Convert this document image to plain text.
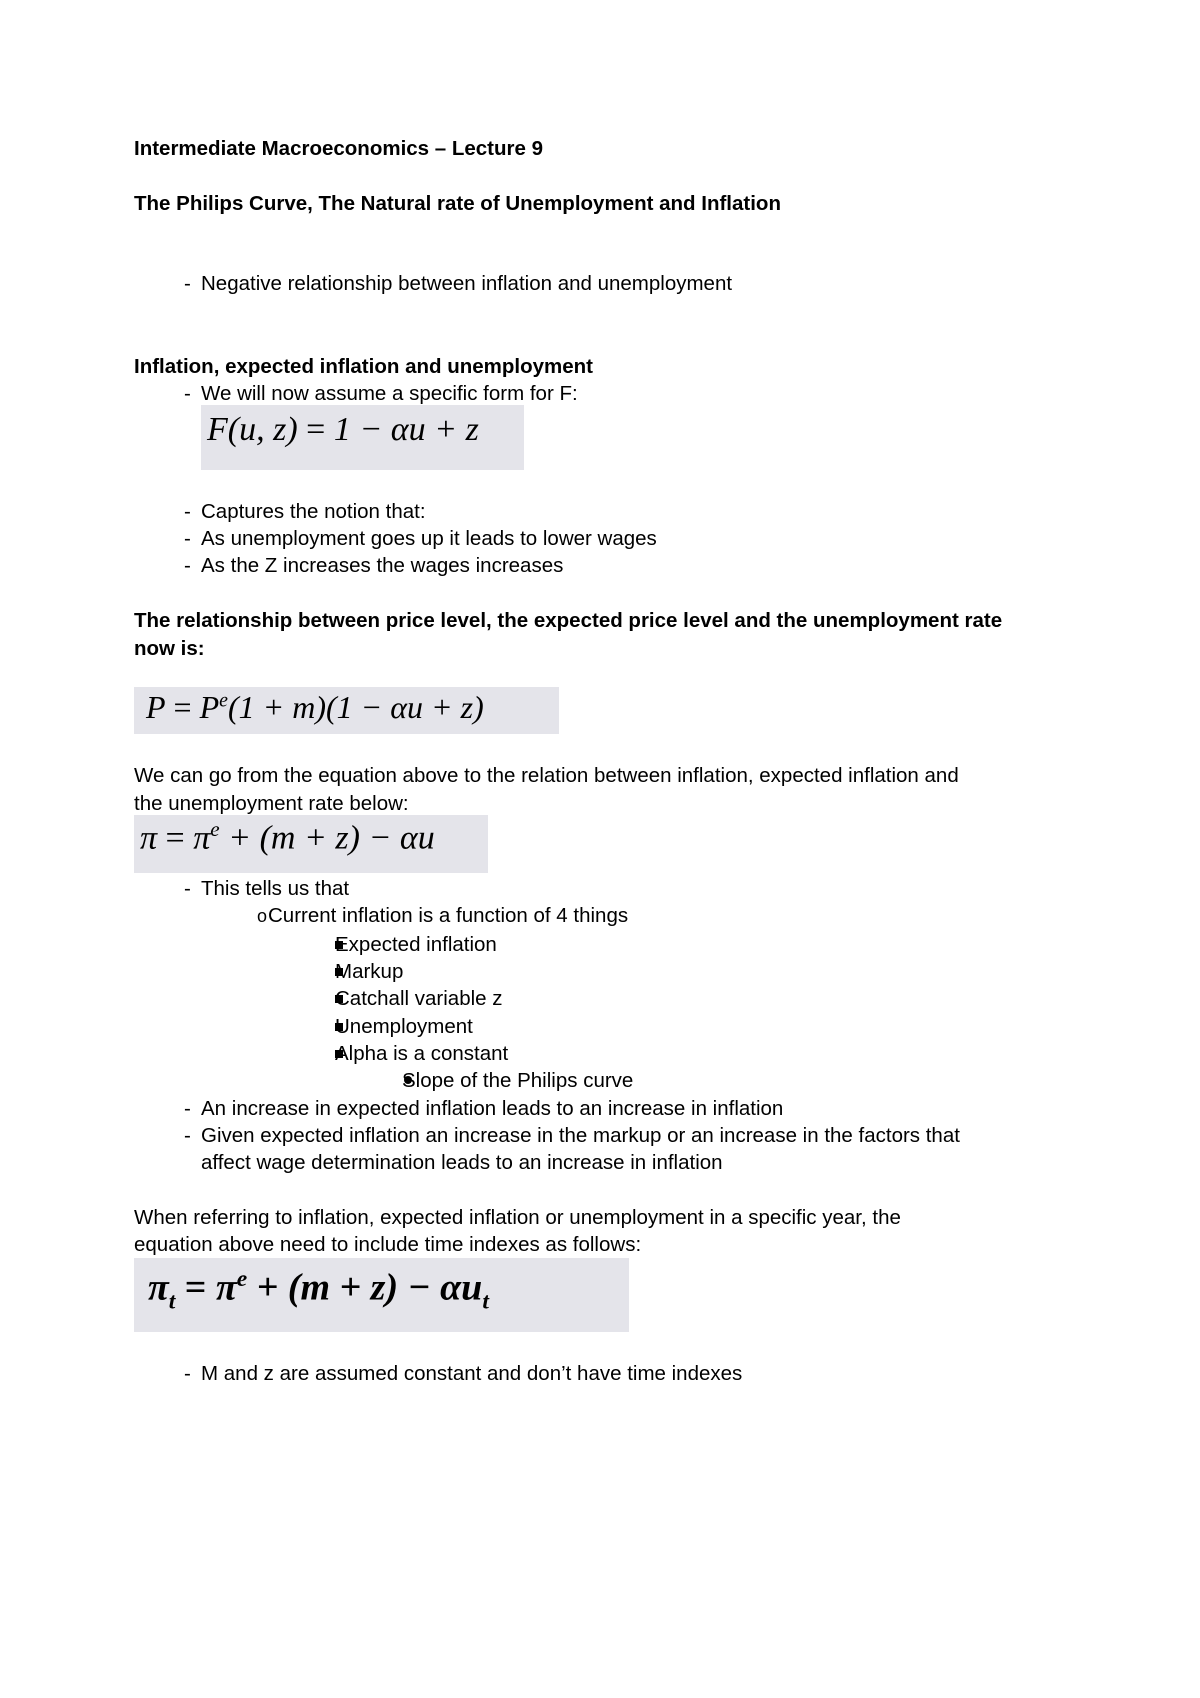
Intermediate Macroeconomics – Lecture 9
The Philips Curve, The Natural rate of Unemployment and Inflation
- Negative relationship between inflation and unemployment
Inflation, expected inflation and unemployment
- We will now assume a specific form for F:
F(u, z) = 1 − αu + z
- Captures the notion that:
- As unemployment goes up it leads to lower wages
- As the Z increases the wages increases
The relationship between price level, the expected price level and the unemployment rate
now is:
$P = P^e(1 + m)(1 - \alpha u + z)$
We can go from the equation above to the relation between inflation, expected inflation and
the unemployment rate below:
$\pi = \pi^e + (m + z) - \alpha u$
- This tells us that
o Current inflation is a function of 4 things
Expected inflation
Markup
Catchall variable z
Unemployment
Alpha is a constant
Slope of the Philips curve
- An increase in expected inflation leads to an increase in inflation
- Given expected inflation an increase in the markup or an increase in the factors that
affect wage determination leads to an increase in inflation
When referring to inflation, expected inflation or unemployment in a specific year, the
equation above need to include time indexes as follows:
$\pi_t = \pi^e + (m + z) - \alpha u_t$
- M and z are assumed constant and don’t have time indexes
